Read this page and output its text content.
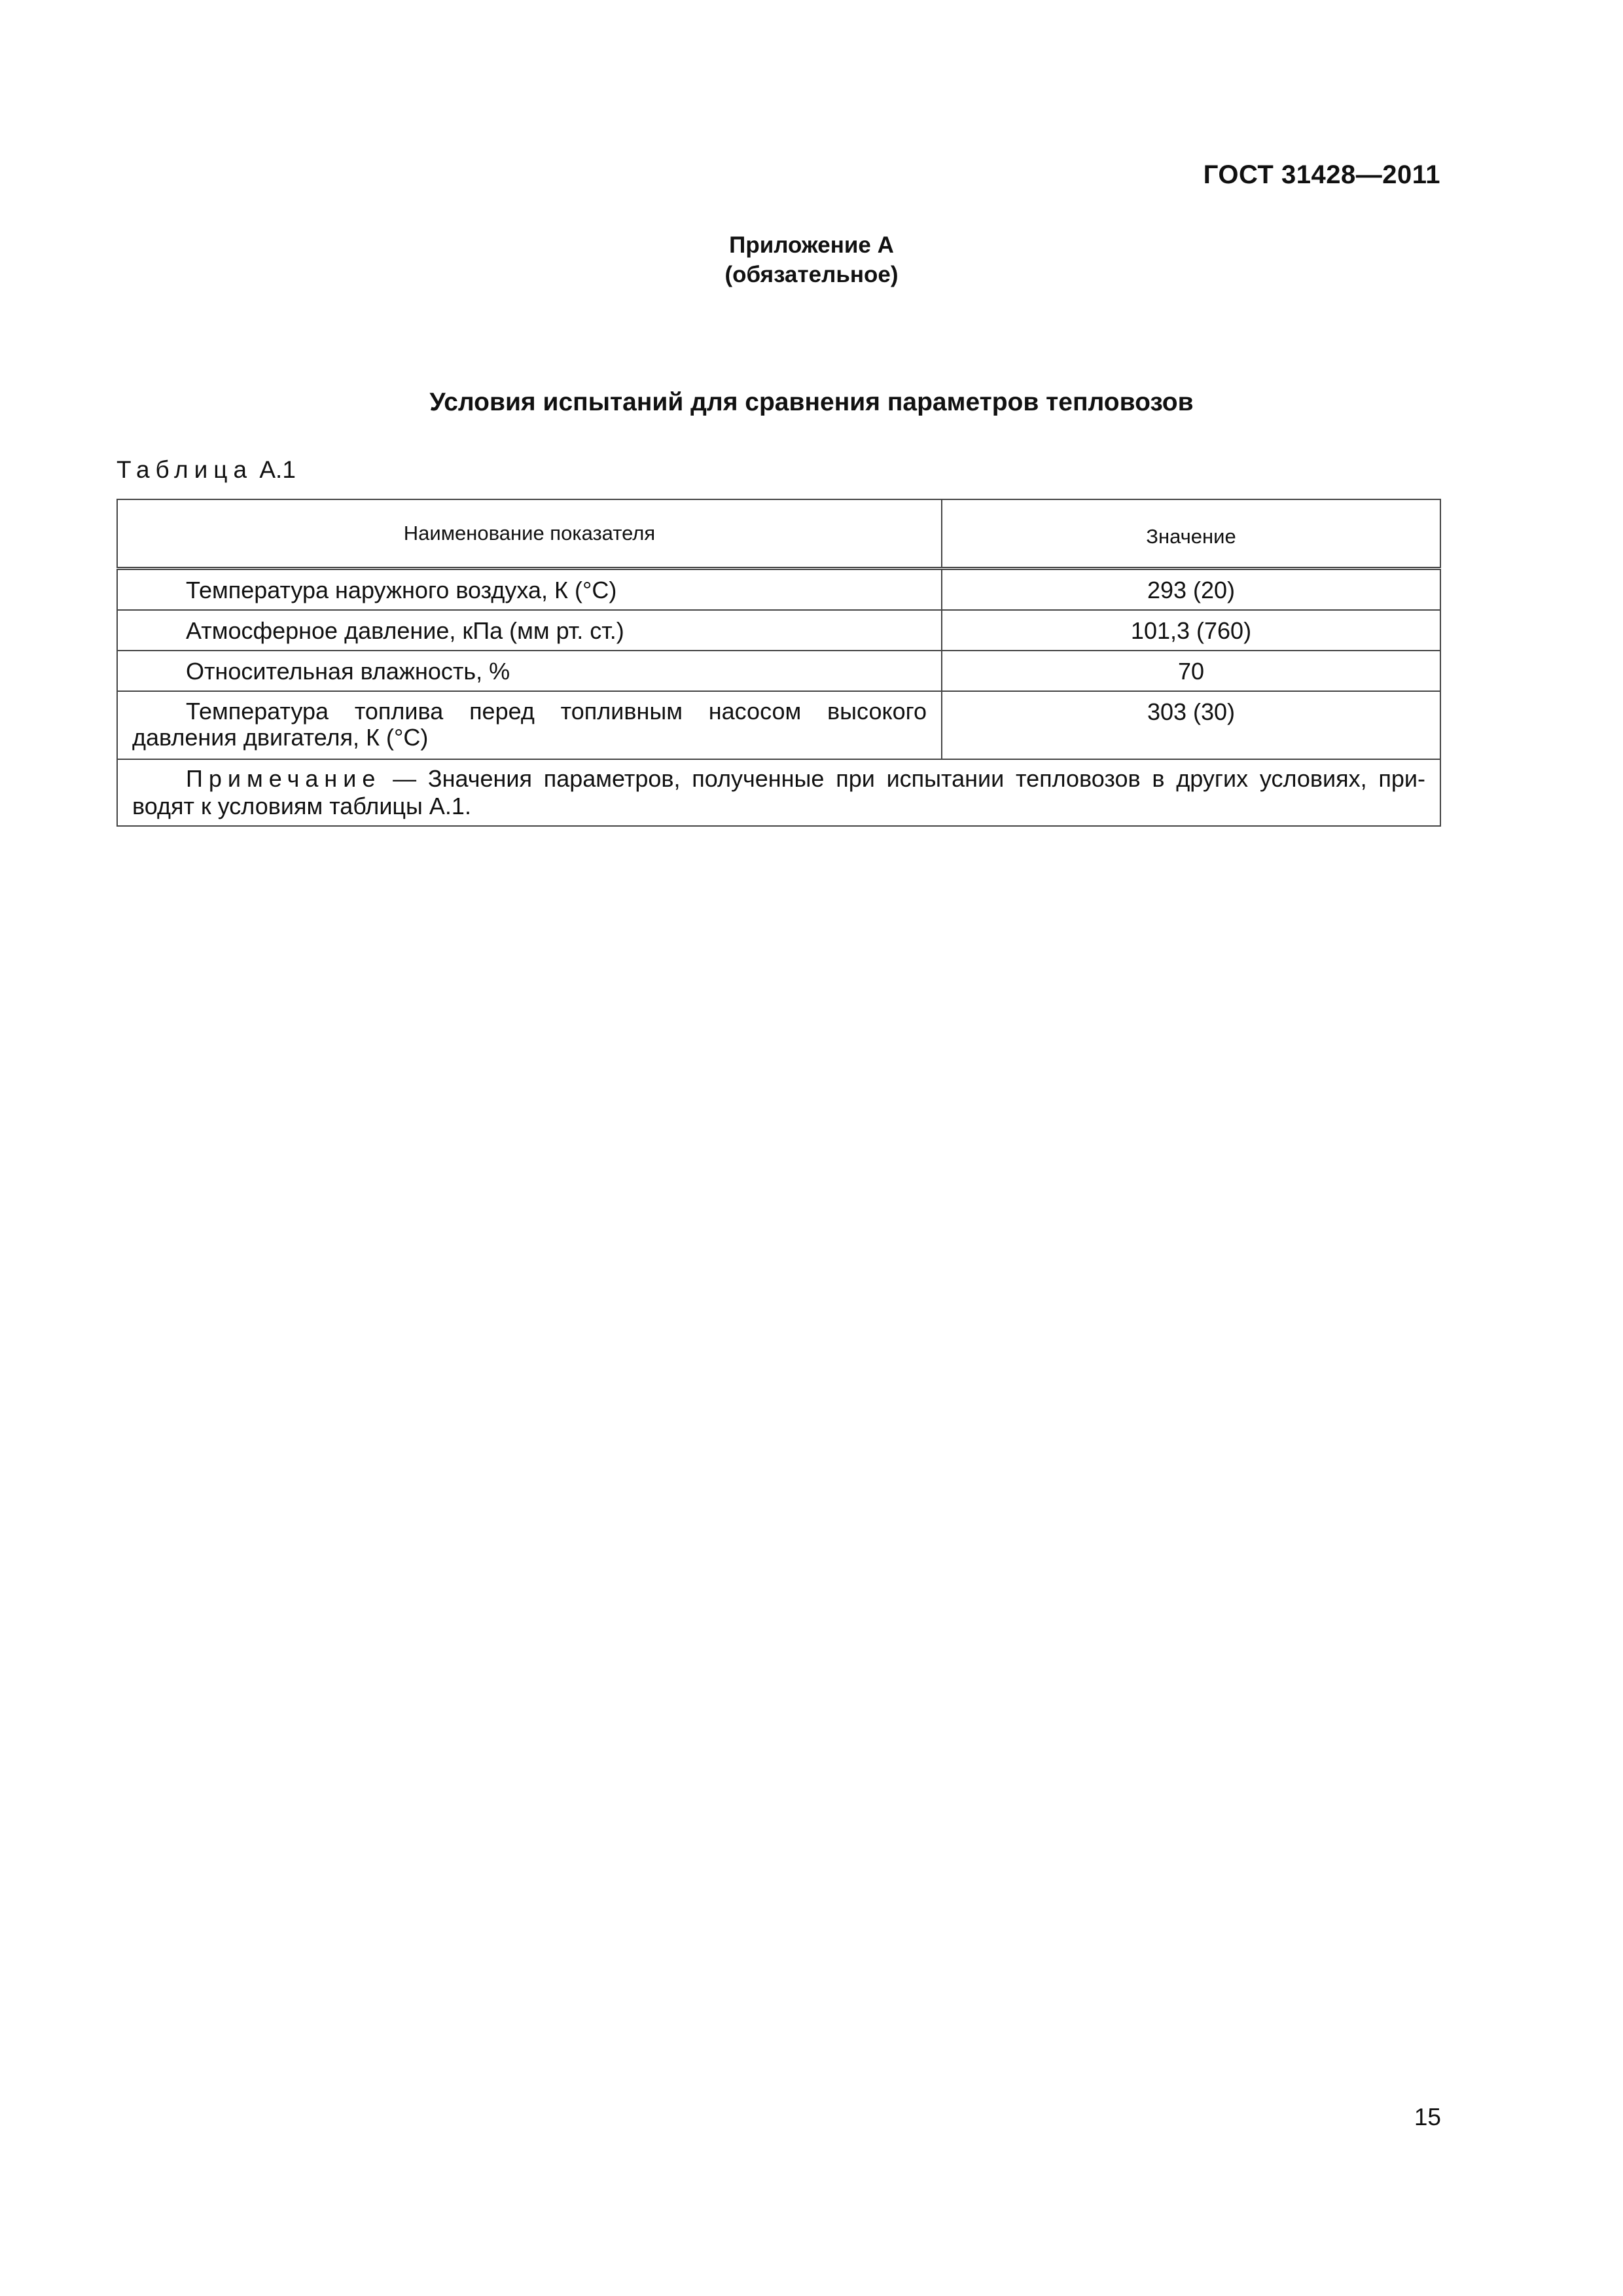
ГОСТ 31428—2011
Приложение А
(обязательное)
Условия испытаний для сравнения параметров тепловозов
Таблица А.1
Наименование показателя	Значение
Температура наружного воздуха, К (°С)	293 (20)
Атмосферное давление, кПа (мм рт. ст.)	101,3 (760)
Относительная влажность, %	70
Температура топлива перед топливным насосом высокого давления двигателя, К (°С)	303 (30)
Примечание — Значения параметров, полученные при испытании тепловозов в других условиях, при-водят к условиям таблицы А.1.	
15
